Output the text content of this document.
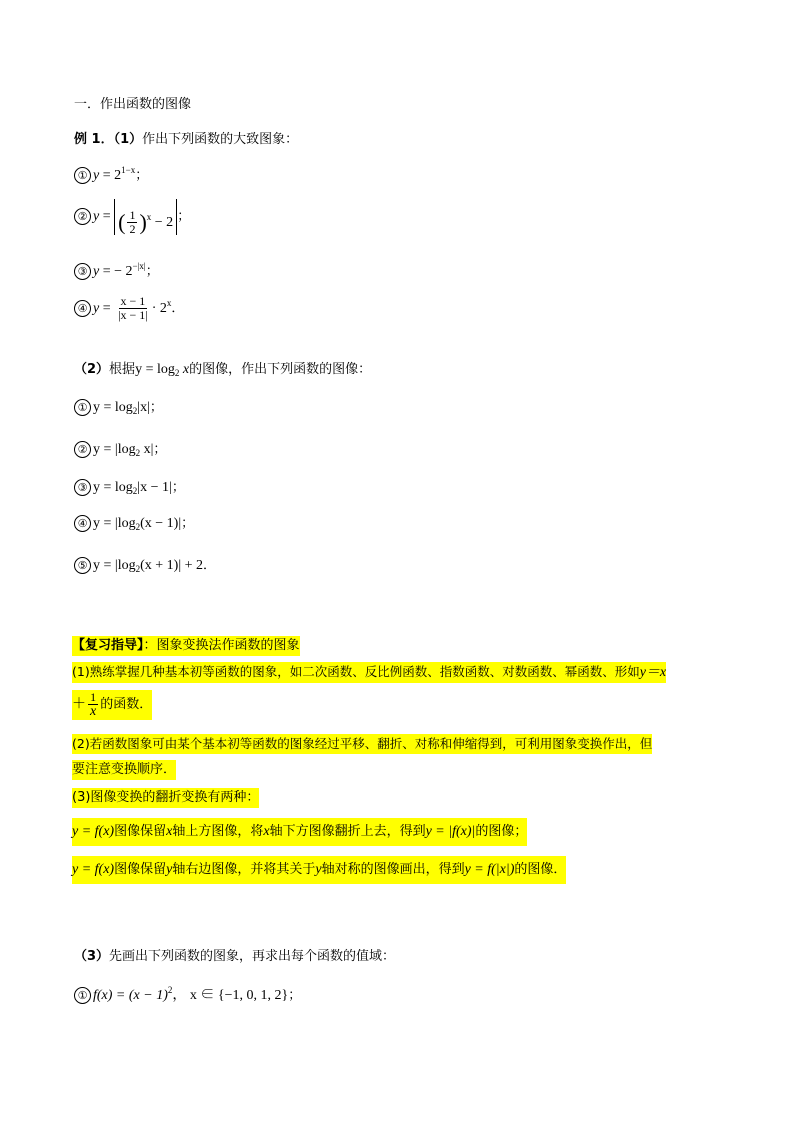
一．作出函数的图像
例 1．（1）作出下列函数的大致图象：
① $y = 2^{1-x}$；
② y = ( $\frac{1}{2} )^x - 2$ ；
③ y = − $2^{-|x|}$；
④ $y = \frac{x - 1}{|x - 1|} \cdot 2^x$．
（2）根据$y = \log_2 x$的图像，作出下列函数的图像：
① $y = \log_2|x|$；
② $y = |\log_2$ x|；
③ $y = \log_2|x - 1|$；
④ $y = |\log_2(x - 1)|$；
⑤ $y = |\log_2(x + 1)| + 2$．
【复习指导】：图象变换法作函数的图象
(1)熟练掌握几种基本初等函数的图象，如二次函数、反比例函数、指数函数、对数函数、幂函数、形如y＝x
＋ $\frac{1}{x}$ 的函数．
(2)若函数图象可由某个基本初等函数的图象经过平移、翻折、对称和伸缩得到，可利用图象变换作出，但
要注意变换顺序．
(3)图像变换的翻折变换有两种：
y = f(x)图像保留x轴上方图像，将x轴下方图像翻折上去，得到y = |f(x)|的图像；
y = f(x)图像保留y轴右边图像，并将其关于y轴对称的图像画出，得到y = f(|x|)的图像．
（3）先画出下列函数的图象，再求出每个函数的值域：
① $f(x) = (x - 1)^2$， x ∈ {−1, 0, 1, 2}；
